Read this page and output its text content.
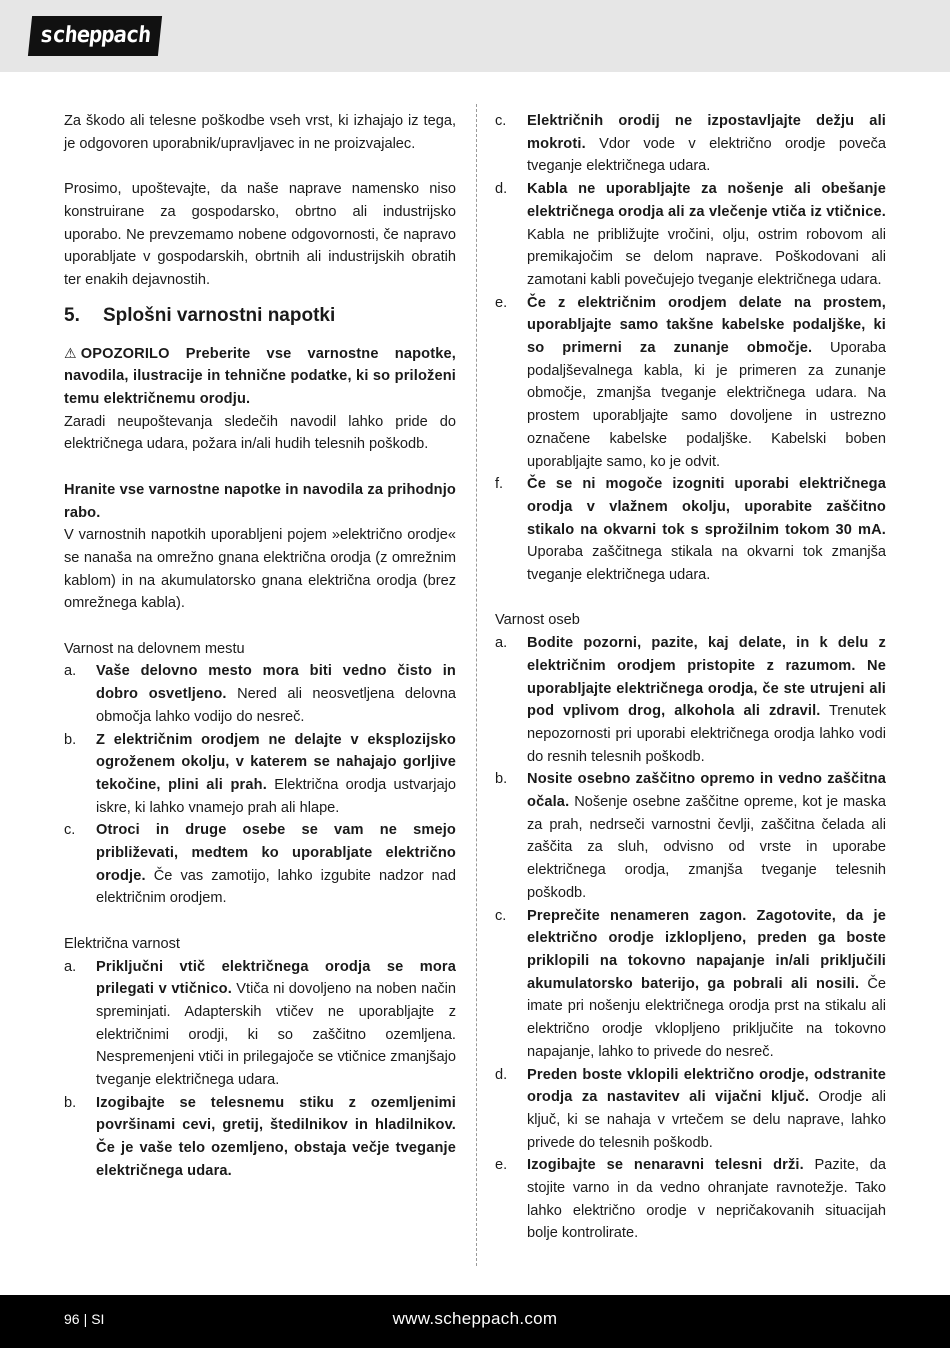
scheppach

Za škodo ali telesne poškodbe vseh vrst, ki izhajajo iz tega, je odgovoren uporabnik/upravljavec in ne proizvajalec.

Prosimo, upoštevajte, da naše naprave namensko niso konstruirane za gospodarsko, obrtno ali industrijsko uporabo. Ne prevzemamo nobene odgovornosti, če napravo uporabljate v gospodarskih, obrtnih ali industrijskih obratih ter enakih dejavnostih.

5.	Splošni varnostni napotki

⚠ OPOZORILO Preberite vse varnostne napotke, navodila, ilustracije in tehnične podatke, ki so priloženi temu električnemu orodju.

Zaradi neupoštevanja sledečih navodil lahko pride do električnega udara, požara in/ali hudih telesnih poškodb.

Hranite vse varnostne napotke in navodila za prihodnjo rabo.

V varnostnih napotkih uporabljeni pojem »električno orodje« se nanaša na omrežno gnana električna orodja (z omrežnim kablom) in na akumulatorsko gnana električna orodja (brez omrežnega kabla).

Varnost na delovnem mestu

a.	Vaše delovno mesto mora biti vedno čisto in dobro osvetljeno. Nered ali neosvetljena delovna območja lahko vodijo do nesreč.

b.	Z električnim orodjem ne delajte v eksplozijsko ogroženem okolju, v katerem se nahajajo gorljive tekočine, plini ali prah. Električna orodja ustvarjajo iskre, ki lahko vnamejo prah ali hlape.

c.	Otroci in druge osebe se vam ne smejo približevati, medtem ko uporabljate električno orodje. Če vas zamotijo, lahko izgubite nadzor nad električnim orodjem.

Električna varnost

a.	Priključni vtič električnega orodja se mora prilegati v vtičnico. Vtiča ni dovoljeno na noben način spreminjati. Adapterskih vtičev ne uporabljajte z električnimi orodji, ki so zaščitno ozemljena. Nespremenjeni vtiči in prilegajoče se vtičnice zmanjšajo tveganje električnega udara.

b.	Izogibajte se telesnemu stiku z ozemljenimi površinami cevi, gretij, štedilnikov in hladilnikov. Če je vaše telo ozemljeno, obstaja večje tveganje električnega udara.

c.	Električnih orodij ne izpostavljajte dežju ali mokroti. Vdor vode v električno orodje poveča tveganje električnega udara.

d.	Kabla ne uporabljajte za nošenje ali obešanje električnega orodja ali za vlečenje vtiča iz vtičnice. Kabla ne približujte vročini, olju, ostrim robovom ali premikajočim se delom naprave. Poškodovani ali zamotani kabli povečujejo tveganje električnega udara.

e.	Če z električnim orodjem delate na prostem, uporabljajte samo takšne kabelske podaljške, ki so primerni za zunanje območje. Uporaba podaljševalnega kabla, ki je primeren za zunanje območje, zmanjša tveganje električnega udara. Na prostem uporabljajte samo dovoljene in ustrezno označene kabelske podaljške. Kabelski boben uporabljajte samo, ko je odvit.

f.	Če se ni mogoče izogniti uporabi električnega orodja v vlažnem okolju, uporabite zaščitno stikalo na okvarni tok s sprožilnim tokom 30 mA. Uporaba zaščitnega stikala na okvarni tok zmanjša tveganje električnega udara.

Varnost oseb

a.	Bodite pozorni, pazite, kaj delate, in k delu z električnim orodjem pristopite z razumom. Ne uporabljajte električnega orodja, če ste utrujeni ali pod vplivom drog, alkohola ali zdravil. Trenutek nepozornosti pri uporabi električnega orodja lahko vodi do resnih telesnih poškodb.

b.	Nosite osebno zaščitno opremo in vedno zaščitna očala. Nošenje osebne zaščitne opreme, kot je maska za prah, nedrseči varnostni čevlji, zaščitna čelada ali zaščita za sluh, odvisno od vrste in uporabe električnega orodja, zmanjša tveganje telesnih poškodb.

c.	Preprečite nenameren zagon. Zagotovite, da je električno orodje izklopljeno, preden ga boste priklopili na tokovno napajanje in/ali priključili akumulatorsko baterijo, ga pobrali ali nosili. Če imate pri nošenju električnega orodja prst na stikalu ali električno orodje vklopljeno priključite na tokovno napajanje, lahko to privede do nesreč.

d.	Preden boste vklopili električno orodje, odstranite orodja za nastavitev ali vijačni ključ. Orodje ali ključ, ki se nahaja v vrtečem se delu naprave, lahko privede do telesnih poškodb.

e.	Izogibajte se nenaravni telesni drži. Pazite, da stojite varno in da vedno ohranjate ravnotežje. Tako lahko električno orodje v nepričakovanih situacijah bolje kontrolirate.

96 | SI	www.scheppach.com
